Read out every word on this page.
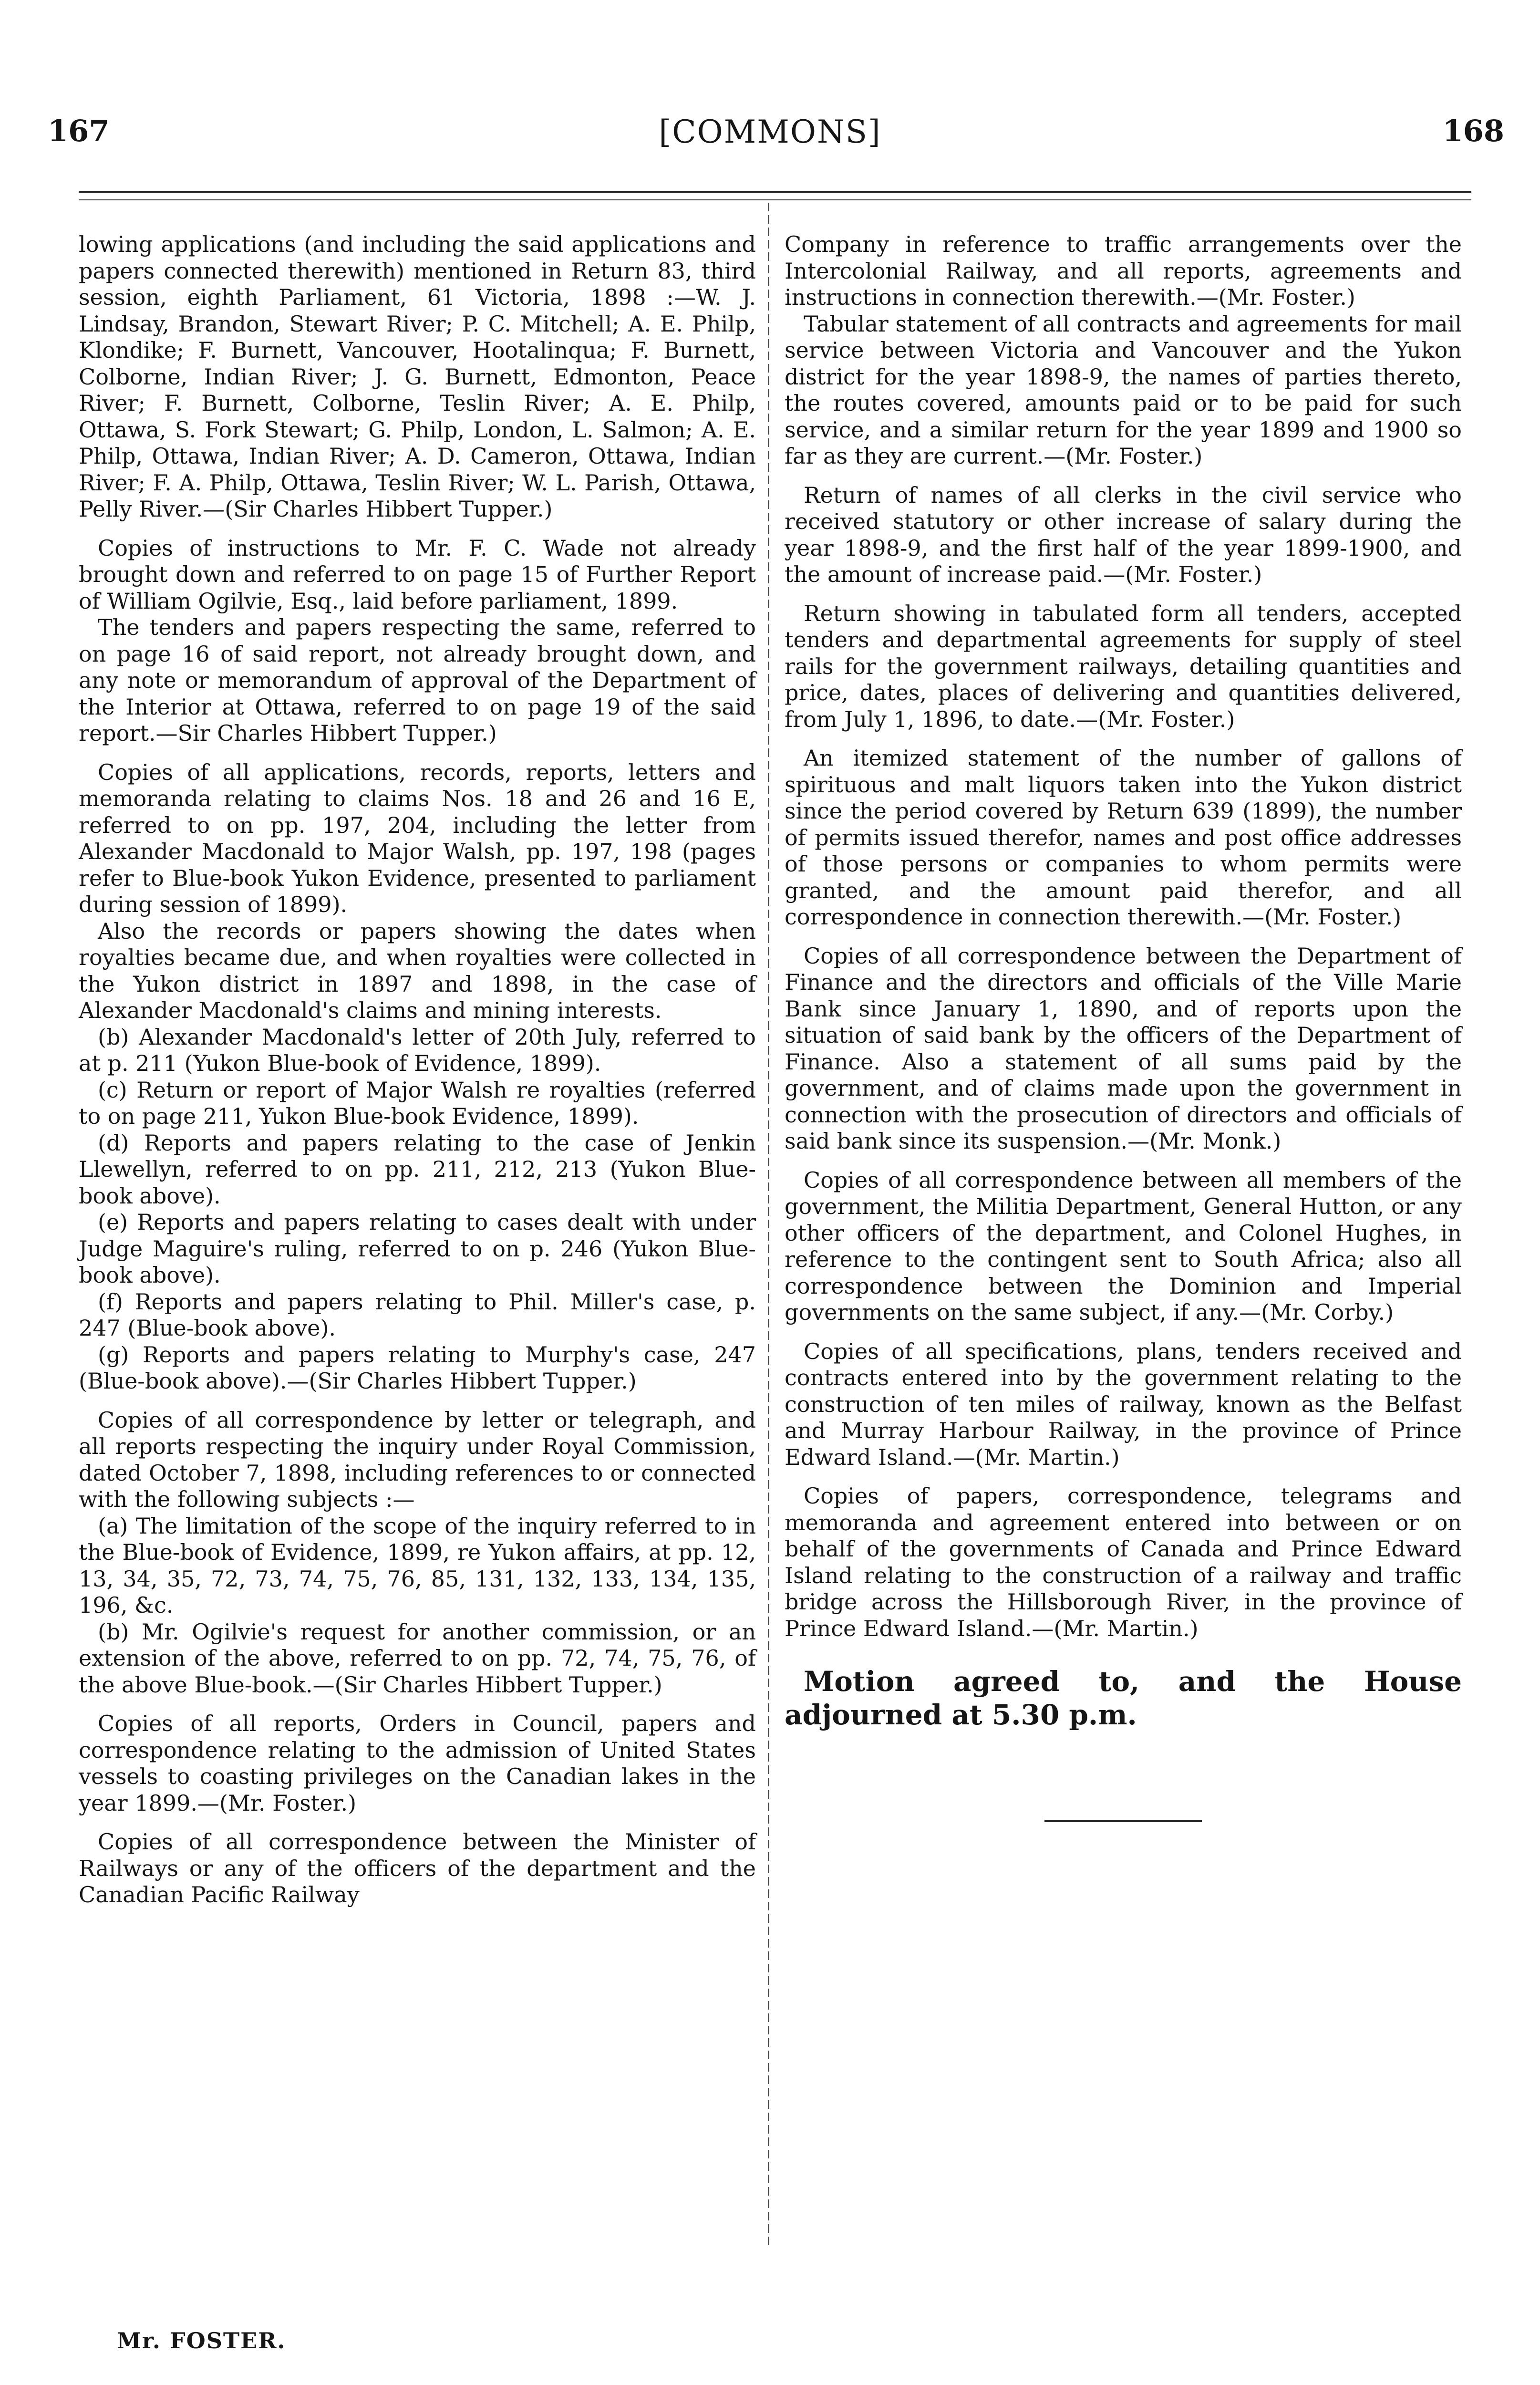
167	[COMMONS]	168

lowing applications (and including the said applications and papers connected therewith) mentioned in Return 83, third session, eighth Parliament, 61 Victoria, 1898 :—W. J. Lindsay, Brandon, Stewart River; P. C. Mitchell; A. E. Philp, Klondike; F. Burnett, Vancouver, Hootalinqua; F. Burnett, Colborne, Indian River; J. G. Burnett, Edmonton, Peace River; F. Burnett, Colborne, Teslin River; A. E. Philp, Ottawa, S. Fork Stewart; G. Philp, London, L. Salmon; A. E. Philp, Ottawa, Indian River; A. D. Cameron, Ottawa, Indian River; F. A. Philp, Ottawa, Teslin River; W. L. Parish, Ottawa, Pelly River.—(Sir Charles Hibbert Tupper.)

Copies of instructions to Mr. F. C. Wade not already brought down and referred to on page 15 of Further Report of William Ogilvie, Esq., laid before parliament, 1899.

The tenders and papers respecting the same, referred to on page 16 of said report, not already brought down, and any note or memorandum of approval of the Department of the Interior at Ottawa, referred to on page 19 of the said report.—Sir Charles Hibbert Tupper.)

Copies of all applications, records, reports, letters and memoranda relating to claims Nos. 18 and 26 and 16 E, referred to on pp. 197, 204, including the letter from Alexander Macdonald to Major Walsh, pp. 197, 198 (pages refer to Blue-book Yukon Evidence, presented to parliament during session of 1899).

Also the records or papers showing the dates when royalties became due, and when royalties were collected in the Yukon district in 1897 and 1898, in the case of Alexander Macdonald's claims and mining interests.

(b) Alexander Macdonald's letter of 20th July, referred to at p. 211 (Yukon Blue-book of Evidence, 1899).

(c) Return or report of Major Walsh re royalties (referred to on page 211, Yukon Blue-book Evidence, 1899).

(d) Reports and papers relating to the case of Jenkin Llewellyn, referred to on pp. 211, 212, 213 (Yukon Blue-book above).

(e) Reports and papers relating to cases dealt with under Judge Maguire's ruling, referred to on p. 246 (Yukon Blue-book above).

(f) Reports and papers relating to Phil. Miller's case, p. 247 (Blue-book above).

(g) Reports and papers relating to Murphy's case, 247 (Blue-book above).—(Sir Charles Hibbert Tupper.)

Copies of all correspondence by letter or telegraph, and all reports respecting the inquiry under Royal Commission, dated October 7, 1898, including references to or connected with the following subjects :—

(a) The limitation of the scope of the inquiry referred to in the Blue-book of Evidence, 1899, re Yukon affairs, at pp. 12, 13, 34, 35, 72, 73, 74, 75, 76, 85, 131, 132, 133, 134, 135, 196, &c.

(b) Mr. Ogilvie's request for another commission, or an extension of the above, referred to on pp. 72, 74, 75, 76, of the above Blue-book.—(Sir Charles Hibbert Tupper.)

Copies of all reports, Orders in Council, papers and correspondence relating to the admission of United States vessels to coasting privileges on the Canadian lakes in the year 1899.—(Mr. Foster.)

Copies of all correspondence between the Minister of Railways or any of the officers of the department and the Canadian Pacific Railway

Company in reference to traffic arrangements over the Intercolonial Railway, and all reports, agreements and instructions in connection therewith.—(Mr. Foster.)

Tabular statement of all contracts and agreements for mail service between Victoria and Vancouver and the Yukon district for the year 1898-9, the names of parties thereto, the routes covered, amounts paid or to be paid for such service, and a similar return for the year 1899 and 1900 so far as they are current.—(Mr. Foster.)

Return of names of all clerks in the civil service who received statutory or other increase of salary during the year 1898-9, and the first half of the year 1899-1900, and the amount of increase paid.—(Mr. Foster.)

Return showing in tabulated form all tenders, accepted tenders and departmental agreements for supply of steel rails for the government railways, detailing quantities and price, dates, places of delivering and quantities delivered, from July 1, 1896, to date.—(Mr. Foster.)

An itemized statement of the number of gallons of spirituous and malt liquors taken into the Yukon district since the period covered by Return 639 (1899), the number of permits issued therefor, names and post office addresses of those persons or companies to whom permits were granted, and the amount paid therefor, and all correspondence in connection therewith.—(Mr. Foster.)

Copies of all correspondence between the Department of Finance and the directors and officials of the Ville Marie Bank since January 1, 1890, and of reports upon the situation of said bank by the officers of the Department of Finance. Also a statement of all sums paid by the government, and of claims made upon the government in connection with the prosecution of directors and officials of said bank since its suspension.—(Mr. Monk.)

Copies of all correspondence between all members of the government, the Militia Department, General Hutton, or any other officers of the department, and Colonel Hughes, in reference to the contingent sent to South Africa; also all correspondence between the Dominion and Imperial governments on the same subject, if any.—(Mr. Corby.)

Copies of all specifications, plans, tenders received and contracts entered into by the government relating to the construction of ten miles of railway, known as the Belfast and Murray Harbour Railway, in the province of Prince Edward Island.—(Mr. Martin.)

Copies of papers, correspondence, telegrams and memoranda and agreement entered into between or on behalf of the governments of Canada and Prince Edward Island relating to the construction of a railway and traffic bridge across the Hillsborough River, in the province of Prince Edward Island.—(Mr. Martin.)

Motion agreed to, and the House adjourned at 5.30 p.m.

Mr. FOSTER.
